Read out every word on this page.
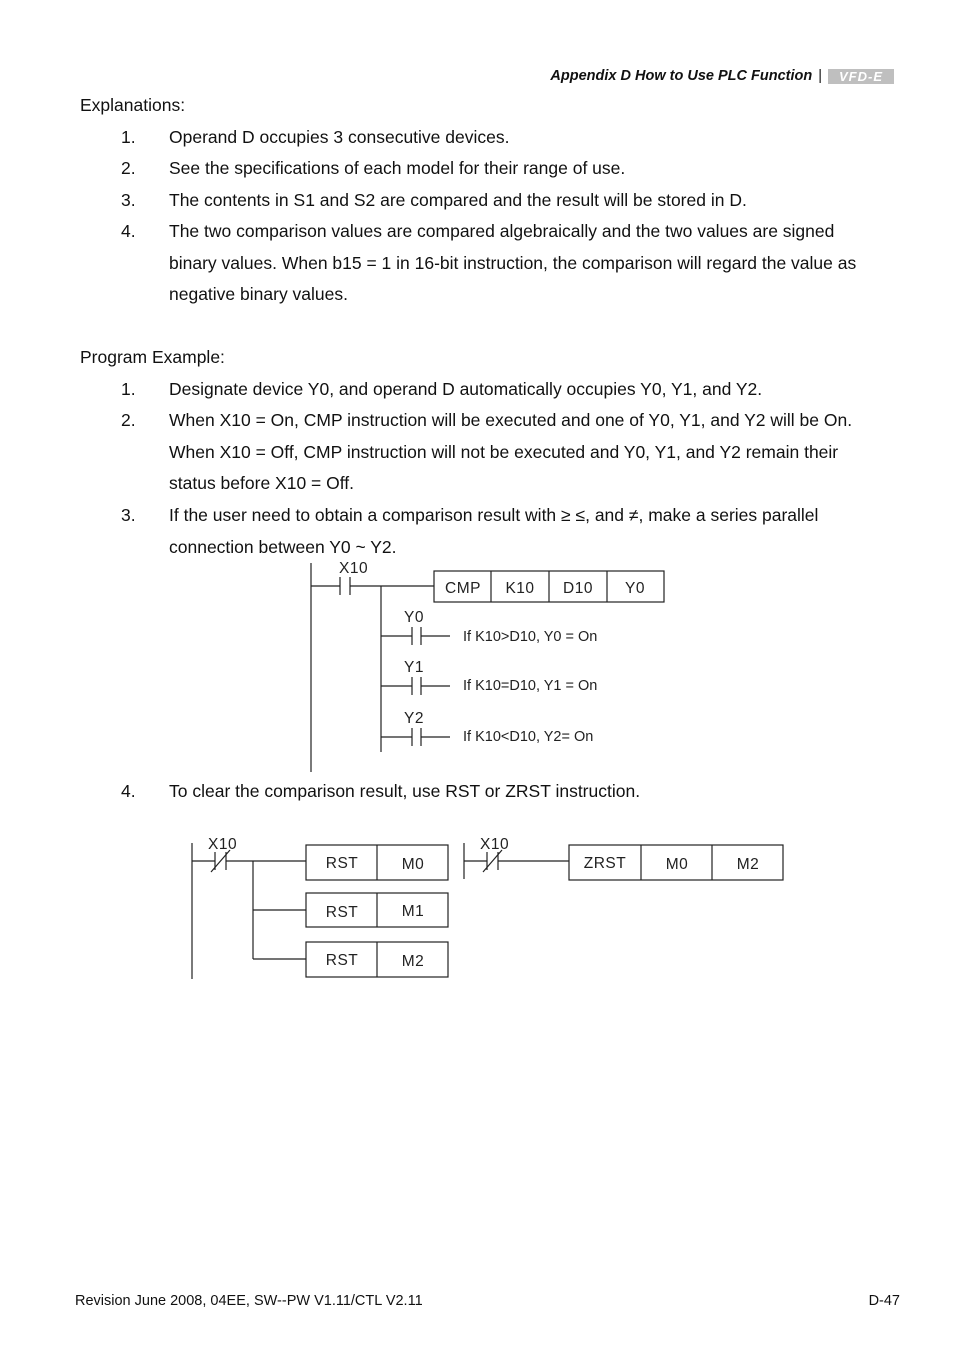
Appendix D How to Use PLC Function |	VFD-E
Explanations:
1. Operand D occupies 3 consecutive devices.
2. See the specifications of each model for their range of use.
3. The contents in S1 and S2 are compared and the result will be stored in D.
4. The two comparison values are compared algebraically and the two values are signed
binary values. When b15 = 1 in 16-bit instruction, the comparison will regard the value as
negative binary values.
Program Example:
1. Designate device Y0, and operand D automatically occupies Y0, Y1, and Y2.
2. When X10 = On, CMP instruction will be executed and one of Y0, Y1, and Y2 will be On.
When X10 = Off, CMP instruction will not be executed and Y0, Y1, and Y2 remain their
status before X10 = Off.
3. If the user need to obtain a comparison result with ≥ ≤, and ≠, make a series parallel
connection between Y0 ~ Y2.
X10
CMP K10 D10 Y0
Y0
Y1
Y2
If K10>D10, Y0 = On
If K10=D10, Y1 = On
If K10<D10, Y2= On
4. To clear the comparison result, use RST or ZRST instruction.
X10
RST	M0
RST	M1
RST	M2
X10
ZRST	M0	M2
Revision June 2008, 04EE, SW--PW V1.11/CTL V2.11	D-47
